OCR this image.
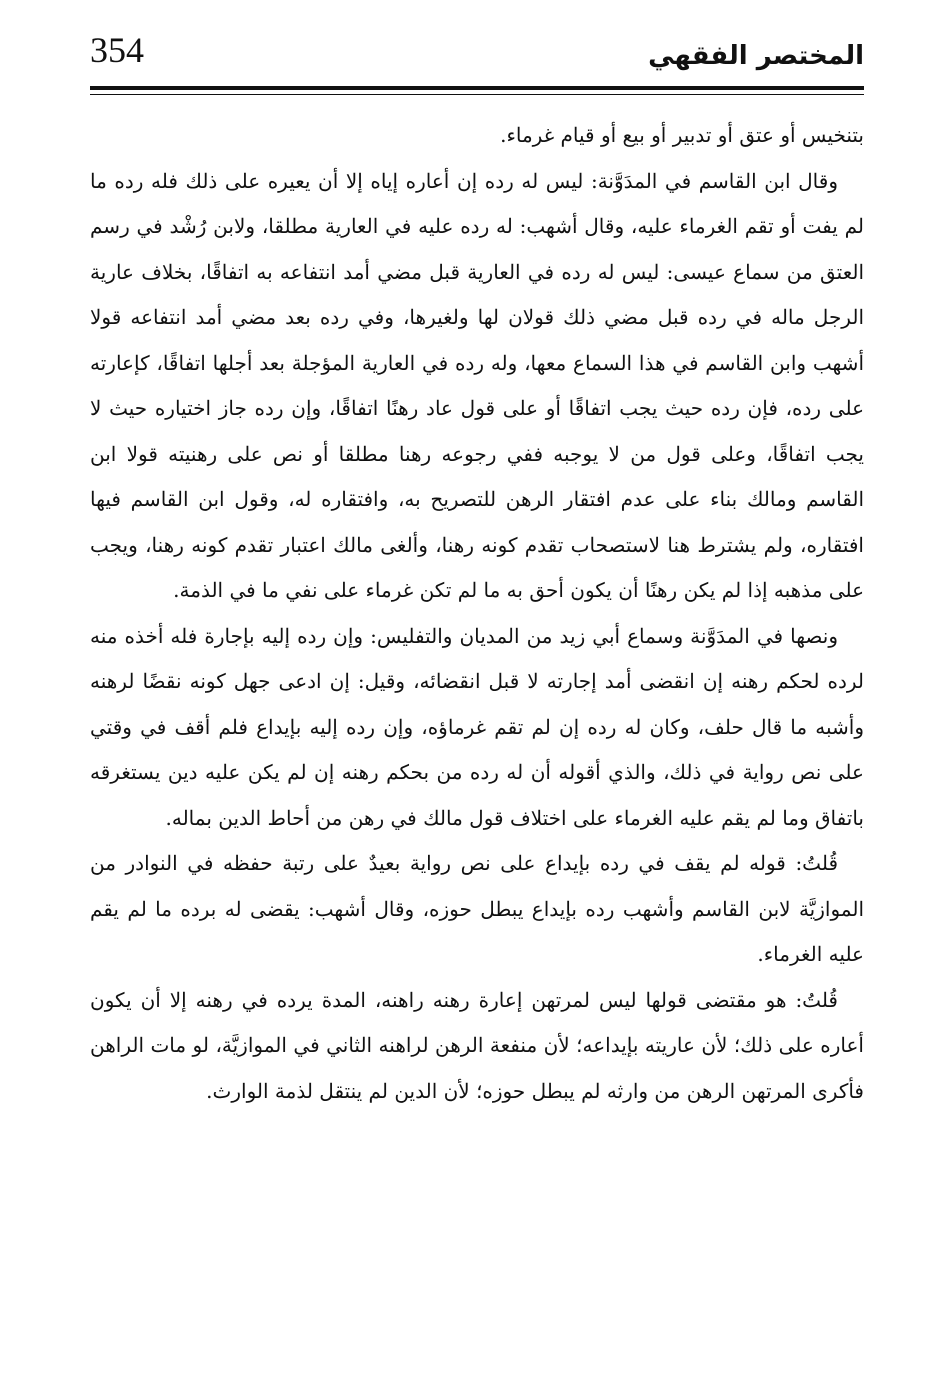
354	المختصر الفقهي

بتنخيس أو عتق أو تدبير أو بيع أو قيام غرماء.

وقال ابن القاسم في المدَوَّنة: ليس له رده إن أعاره إياه إلا أن يعيره على ذلك فله رده ما لم يفت أو تقم الغرماء عليه، وقال أشهب: له رده عليه في العارية مطلقا، ولابن رُشْد في رسم العتق من سماع عيسى: ليس له رده في العارية قبل مضي أمد انتفاعه به اتفاقًا، بخلاف عارية الرجل ماله في رده قبل مضي ذلك قولان لها ولغيرها، وفي رده بعد مضي أمد انتفاعه قولا أشهب وابن القاسم في هذا السماع معها، وله رده في العارية المؤجلة بعد أجلها اتفاقًا، كإعارته على رده، فإن رده حيث يجب اتفاقًا أو على قول عاد رهنًا اتفاقًا، وإن رده جاز اختياره حيث لا يجب اتفاقًا، وعلى قول من لا يوجبه ففي رجوعه رهنا مطلقا أو نص على رهنيته قولا ابن القاسم ومالك بناء على عدم افتقار الرهن للتصريح به، وافتقاره له، وقول ابن القاسم فيها افتقاره، ولم يشترط هنا لاستصحاب تقدم كونه رهنا، وألغى مالك اعتبار تقدم كونه رهنا، ويجب على مذهبه إذا لم يكن رهنًا أن يكون أحق به ما لم تكن غرماء على نفي ما في الذمة.

ونصها في المدَوَّنة وسماع أبي زيد من المديان والتفليس: وإن رده إليه بإجارة فله أخذه منه لرده لحكم رهنه إن انقضى أمد إجارته لا قبل انقضائه، وقيل: إن ادعى جهل كونه نقضًا لرهنه وأشبه ما قال حلف، وكان له رده إن لم تقم غرماؤه، وإن رده إليه بإيداع فلم أقف في وقتي على نص رواية في ذلك، والذي أقوله أن له رده من بحكم رهنه إن لم يكن عليه دين يستغرقه باتفاق وما لم يقم عليه الغرماء على اختلاف قول مالك في رهن من أحاط الدين بماله.

قُلتُ: قوله لم يقف في رده بإيداع على نص رواية بعيدٌ على رتبة حفظه في النوادر من الموازيَّة لابن القاسم وأشهب رده بإيداع يبطل حوزه، وقال أشهب: يقضى له برده ما لم يقم عليه الغرماء.

قُلتُ: هو مقتضى قولها ليس لمرتهن إعارة رهنه راهنه، المدة يرده في رهنه إلا أن يكون أعاره على ذلك؛ لأن عاريته بإيداعه؛ لأن منفعة الرهن لراهنه الثاني في الموازيَّة، لو مات الراهن فأكرى المرتهن الرهن من وارثه لم يبطل حوزه؛ لأن الدين لم ينتقل لذمة الوارث.
